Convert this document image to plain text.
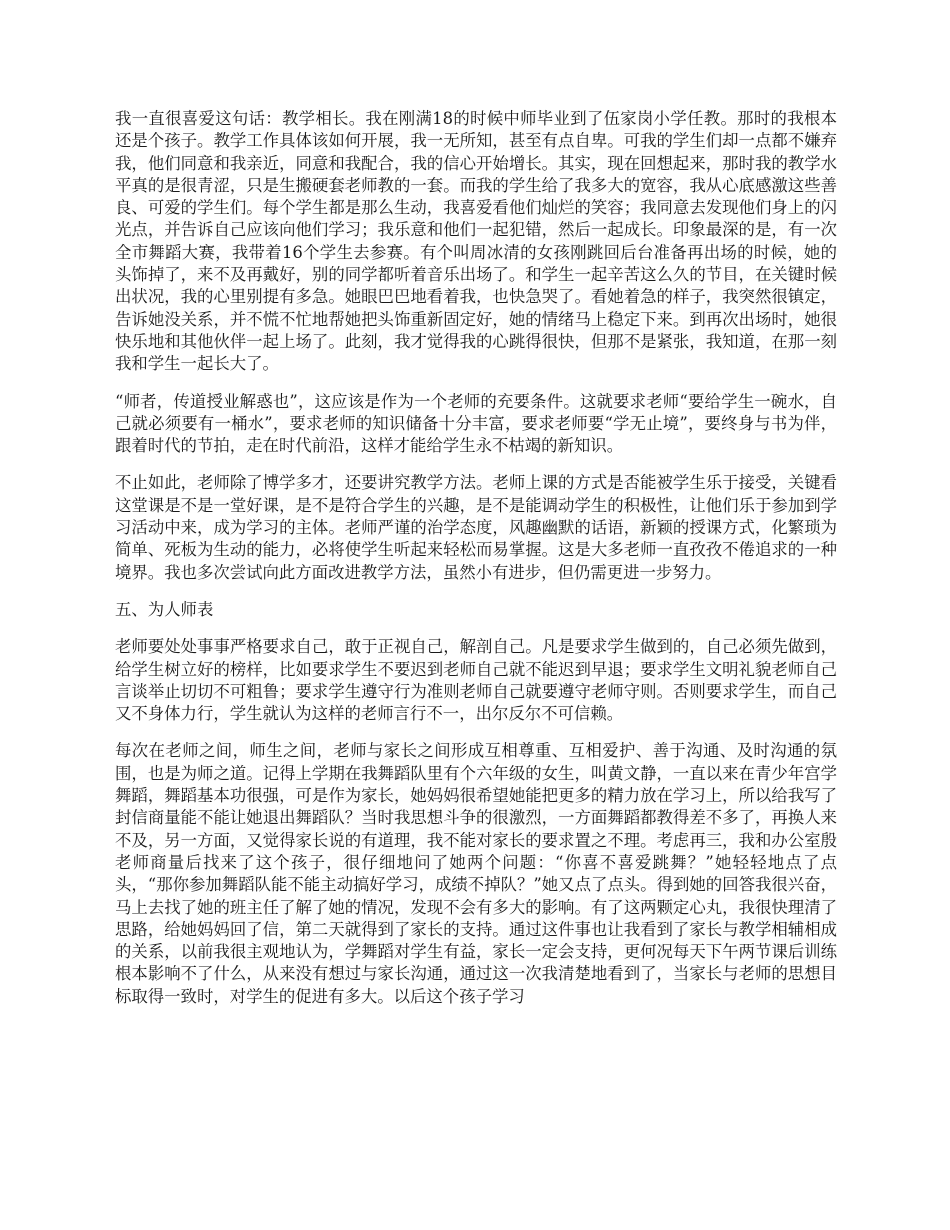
我一直很喜爱这句话：教学相长。我在刚满18的时候中师毕业到了伍家岗小学任教。那时的我根本还是个孩子。教学工作具体该如何开展，我一无所知，甚至有点自卑。可我的学生们却一点都不嫌弃我，他们同意和我亲近，同意和我配合，我的信心开始增长。其实，现在回想起来，那时我的教学水平真的是很青涩，只是生搬硬套老师教的一套。而我的学生给了我多大的宽容，我从心底感激这些善良、可爱的学生们。每个学生都是那么生动，我喜爱看他们灿烂的笑容；我同意去发现他们身上的闪光点，并告诉自己应该向他们学习；我乐意和他们一起犯错，然后一起成长。印象最深的是，有一次全市舞蹈大赛，我带着16个学生去参赛。有个叫周冰清的女孩刚跳回后台准备再出场的时候，她的头饰掉了，来不及再戴好，别的同学都听着音乐出场了。和学生一起辛苦这么久的节目，在关键时候出状况，我的心里别提有多急。她眼巴巴地看着我，也快急哭了。看她着急的样子，我突然很镇定，告诉她没关系，并不慌不忙地帮她把头饰重新固定好，她的情绪马上稳定下来。到再次出场时，她很快乐地和其他伙伴一起上场了。此刻，我才觉得我的心跳得很快，但那不是紧张，我知道，在那一刻我和学生一起长大了。

“师者，传道授业解惑也”，这应该是作为一个老师的充要条件。这就要求老师“要给学生一碗水，自己就必须要有一桶水”，要求老师的知识储备十分丰富，要求老师要“学无止境”，要终身与书为伴，跟着时代的节拍，走在时代前沿，这样才能给学生永不枯竭的新知识。

不止如此，老师除了博学多才，还要讲究教学方法。老师上课的方式是否能被学生乐于接受，关键看这堂课是不是一堂好课，是不是符合学生的兴趣，是不是能调动学生的积极性，让他们乐于参加到学习活动中来，成为学习的主体。老师严谨的治学态度，风趣幽默的话语，新颖的授课方式，化繁琐为简单、死板为生动的能力，必将使学生听起来轻松而易掌握。这是大多老师一直孜孜不倦追求的一种境界。我也多次尝试向此方面改进教学方法，虽然小有进步，但仍需更进一步努力。

五、为人师表

老师要处处事事严格要求自己，敢于正视自己，解剖自己。凡是要求学生做到的，自己必须先做到，给学生树立好的榜样，比如要求学生不要迟到老师自己就不能迟到早退；要求学生文明礼貌老师自己言谈举止切切不可粗鲁；要求学生遵守行为准则老师自己就要遵守老师守则。否则要求学生，而自己又不身体力行，学生就认为这样的老师言行不一，出尔反尔不可信赖。

每次在老师之间，师生之间，老师与家长之间形成互相尊重、互相爱护、善于沟通、及时沟通的氛围，也是为师之道。记得上学期在我舞蹈队里有个六年级的女生，叫黄文静，一直以来在青少年宫学舞蹈，舞蹈基本功很强，可是作为家长，她妈妈很希望她能把更多的精力放在学习上，所以给我写了封信商量能不能让她退出舞蹈队？当时我思想斗争的很激烈，一方面舞蹈都教得差不多了，再换人来不及，另一方面，又觉得家长说的有道理，我不能对家长的要求置之不理。考虑再三，我和办公室殷老师商量后找来了这个孩子，很仔细地问了她两个问题：“你喜不喜爱跳舞？”她轻轻地点了点头，“那你参加舞蹈队能不能主动搞好学习，成绩不掉队？”她又点了点头。得到她的回答我很兴奋，马上去找了她的班主任了解了她的情况，发现不会有多大的影响。有了这两颗定心丸，我很快理清了思路，给她妈妈回了信，第二天就得到了家长的支持。通过这件事也让我看到了家长与教学相辅相成的关系，以前我很主观地认为，学舞蹈对学生有益，家长一定会支持，更何况每天下午两节课后训练根本影响不了什么，从来没有想过与家长沟通，通过这一次我清楚地看到了，当家长与老师的思想目标取得一致时，对学生的促进有多大。以后这个孩子学习
